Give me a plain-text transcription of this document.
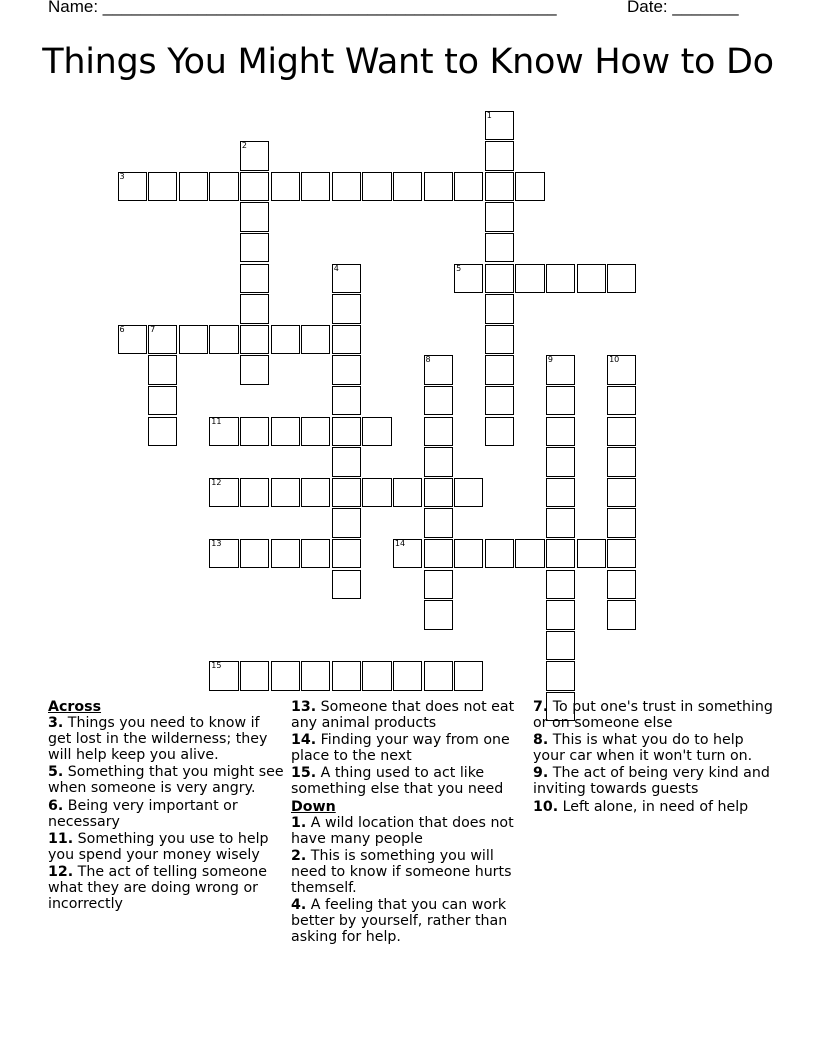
Name: ________________________________________________	Date: _______
Things You Might Want to Know How to Do
1
2
3
4	5
6	7
8	9	10
11
12
13	14
15
Across
3. Things you need to know if get lost in the wilderness; they will help keep you alive.
5. Something that you might see when someone is very angry.
6. Being very important or necessary
11. Something you use to help you spend your money wisely
12. The act of telling someone what they are doing wrong or incorrectly
13. Someone that does not eat any animal products
14. Finding your way from one place to the next
15. A thing used to act like something else that you need
Down
1. A wild location that does not have many people
2. This is something you will need to know if someone hurts themself.
4. A feeling that you can work better by yourself, rather than asking for help.
7. To put one's trust in something or on someone else
8. This is what you do to help your car when it won't turn on.
9. The act of being very kind and inviting towards guests
10. Left alone, in need of help
